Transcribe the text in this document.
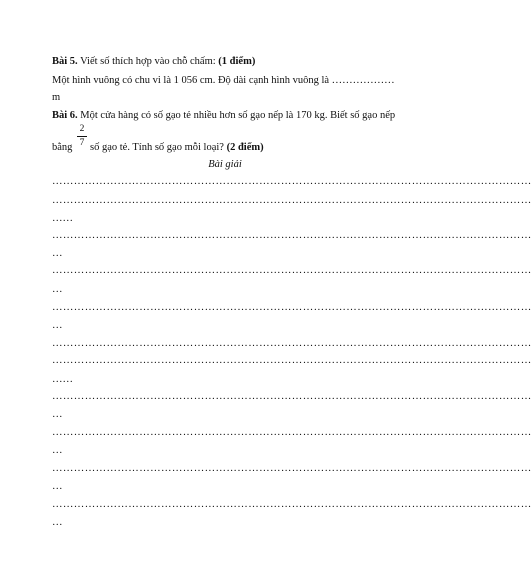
Bài 5. Viết số thích hợp vào chỗ chấm: (1 điểm)
Một hình vuông có chu vi là 1 056 cm. Độ dài cạnh hình vuông là ………………
m
Bài 6. Một cửa hàng có số gạo tẻ nhiều hơn số gạo nếp là 170 kg. Biết số gạo nếp
bằng
2
7 số gạo tẻ. Tính số gạo mỗi loại? (2 điểm)
Bài giải
……………………………………………………………………………………………………………………
……………………………………………………………………………………………………………………
……
……………………………………………………………………………………………………………………
…
……………………………………………………………………………………………………………………
…
……………………………………………………………………………………………………………………
…
……………………………………………………………………………………………………………………
……………………………………………………………………………………………………………………
……
……………………………………………………………………………………………………………………
…
……………………………………………………………………………………………………………………
…
……………………………………………………………………………………………………………………
…
……………………………………………………………………………………………………………………
…
